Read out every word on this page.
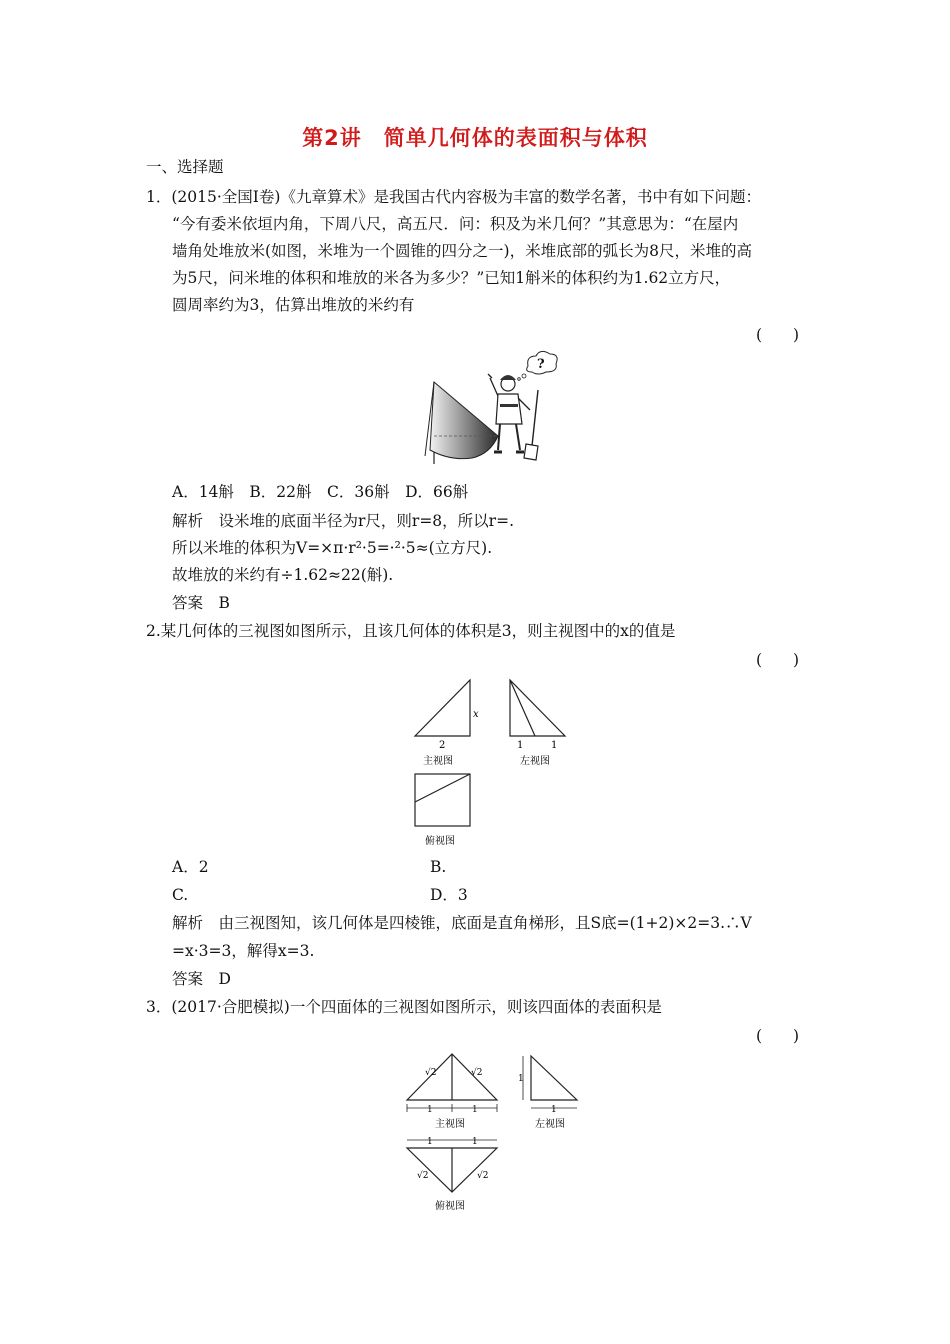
第2讲　简单几何体的表面积与体积
一、选择题
1．(2015·全国Ⅰ卷)《九章算术》是我国古代内容极为丰富的数学名著，书中有如下问题：
“今有委米依垣内角，下周八尺，高五尺．问：积及为米几何？”其意思为：“在屋内
墙角处堆放米(如图，米堆为一个圆锥的四分之一)，米堆底部的弧长为8尺，米堆的高
为5尺，问米堆的体积和堆放的米各为多少？”已知1斛米的体积约为1.62立方尺，
圆周率约为3，估算出堆放的米约有
(　　)
?
A．14斛　B．22斛　C．36斛　D．66斛
解析　设米堆的底面半径为r尺，则r=8，所以r=.
所以米堆的体积为V=×π·r²·5=·²·5≈(立方尺).
故堆放的米约有÷1.62≈22(斛).
答案　B
2.某几何体的三视图如图所示，且该几何体的体积是3，则主视图中的x的值是
(　　)
x
2
主视图
1	1
左视图
俯视图
A．2	B.
C.	D．3
解析　由三视图知，该几何体是四棱锥，底面是直角梯形，且S底=(1+2)×2=3.∴V
=x·3=3，解得x=3.
答案　D
3．(2017·合肥模拟)一个四面体的三视图如图所示，则该四面体的表面积是
(　　)
√2	√2
1	1
主视图
1
1
左视图
1	1
√2	√2
俯视图
